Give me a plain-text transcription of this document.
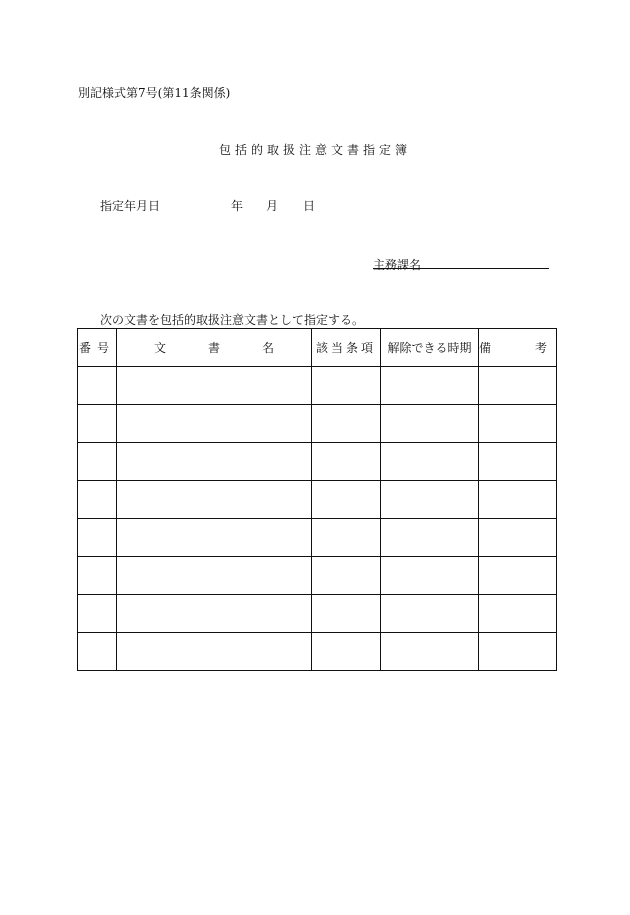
別記様式第7号(第11条関係)
包括的取扱注意文書指定簿
指定年月日	年 月 日
主務課名
次の文書を包括的取扱注意文書として指定する。
番号	文 書 名	該当条項	解除できる時期	備 考
